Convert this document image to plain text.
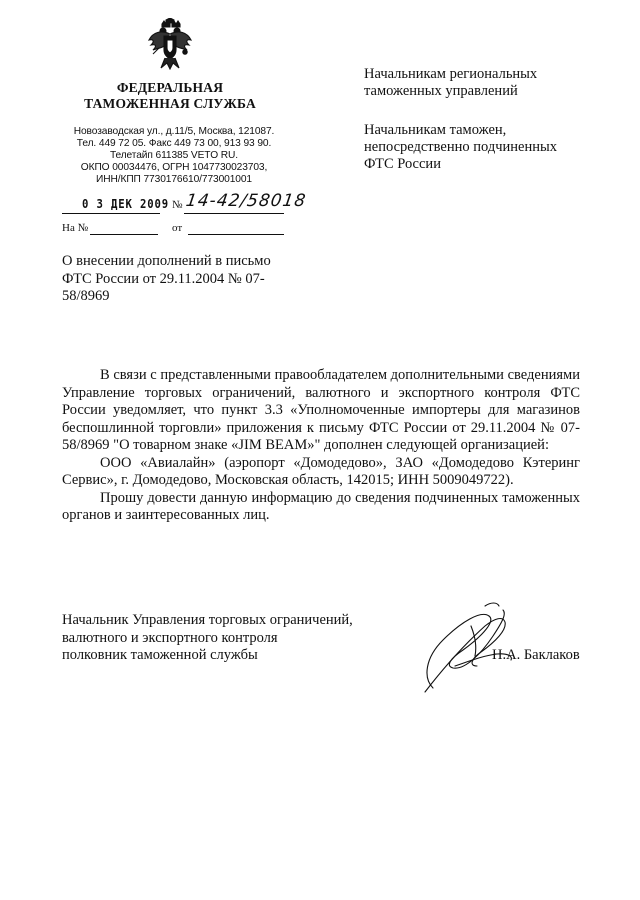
ФЕДЕРАЛЬНАЯ
ТАМОЖЕННАЯ СЛУЖБА
Новозаводская ул., д.11/5, Москва, 121087.
Тел. 449 72 05. Факс 449 73 00, 913 93 90.
Телетайп 611385 VETO RU.
ОКПО 00034476, ОГРН 1047730023703,
ИНН/КПП 7730176610/773001001
0 3 ДЕК 2009 № 14-42/58018
На №	от
Начальникам региональных
таможенных управлений
Начальникам таможен,
непосредственно подчиненных
ФТС России
О внесении дополнений в письмо
ФТС России от 29.11.2004 № 07-
58/8969

В связи с представленными правообладателем дополнительными сведениями Управление торговых ограничений, валютного и экспортного контроля ФТС России уведомляет, что пункт 3.3 «Уполномоченные импортеры для магазинов беспошлинной торговли» приложения к письму ФТС России от 29.11.2004 № 07-58/8969 "О товарном знаке «JIM BEAM»" дополнен следующей организацией:

ООО «Авиалайн» (аэропорт «Домодедово», ЗАО «Домодедово Кэтеринг Сервис», г. Домодедово, Московская область, 142015; ИНН 5009049722).

Прошу довести данную информацию до сведения подчиненных таможенных органов и заинтересованных лиц.

Начальник Управления торговых ограничений,
валютного и экспортного контроля
полковник таможенной службы	Н.А. Баклаков
